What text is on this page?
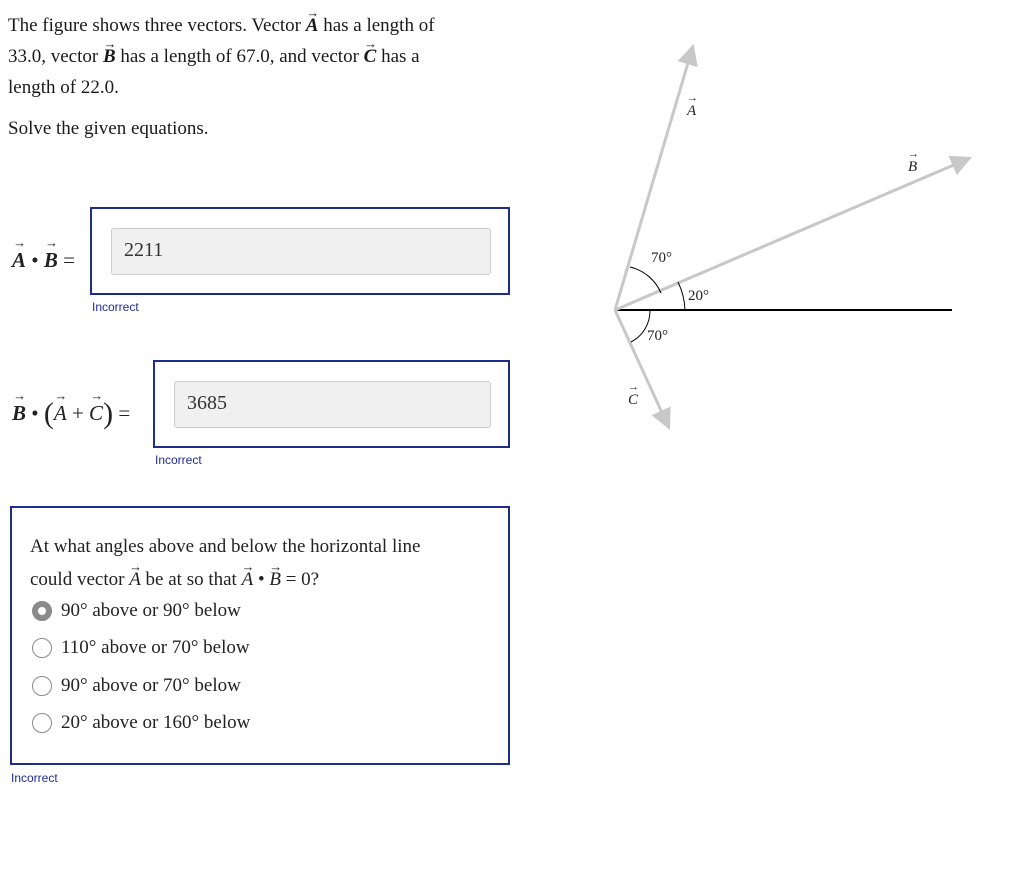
The figure shows three vectors. Vector → A has a length of
33.0, vector → B has a length of 67.0, and vector → C has a
length of 22.0.

Solve the given equations.

→ A • → B =	2211
Incorrect
→ B • (→ A + → C) =	3685
Incorrect
At what angles above and below the horizontal line
could vector → A be at so that → A • → B = 0?
90° above or 90° below
110° above or 70° below
90° above or 70° below
20° above or 160° below
Incorrect
70°
20°
70°
A
→
B
→
C
→
